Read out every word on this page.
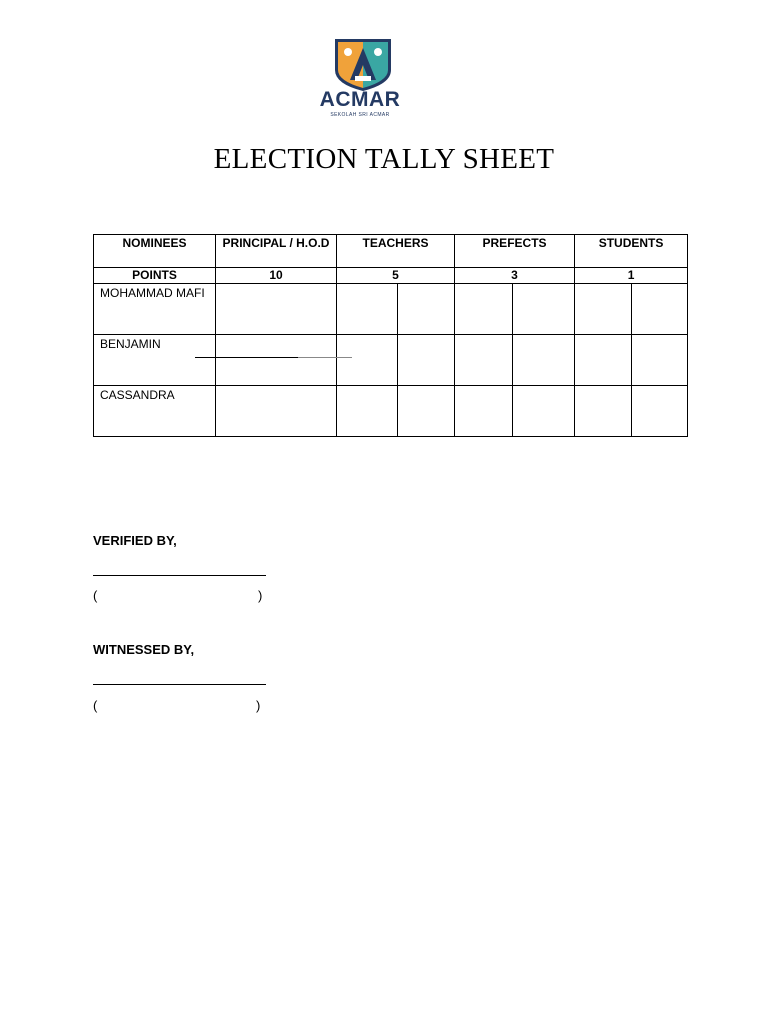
ACMAR
SEKOLAH SRI ACMAR
ELECTION TALLY SHEET
NOMINEES	PRINCIPAL / H.O.D	TEACHERS		PREFECTS		STUDENTS	
POINTS	10	5		3		1	
MOHAMMAD MAFI							
BENJAMIN							
CASSANDRA							
VERIFIED BY,
(	)
WITNESSED BY,
(	)
